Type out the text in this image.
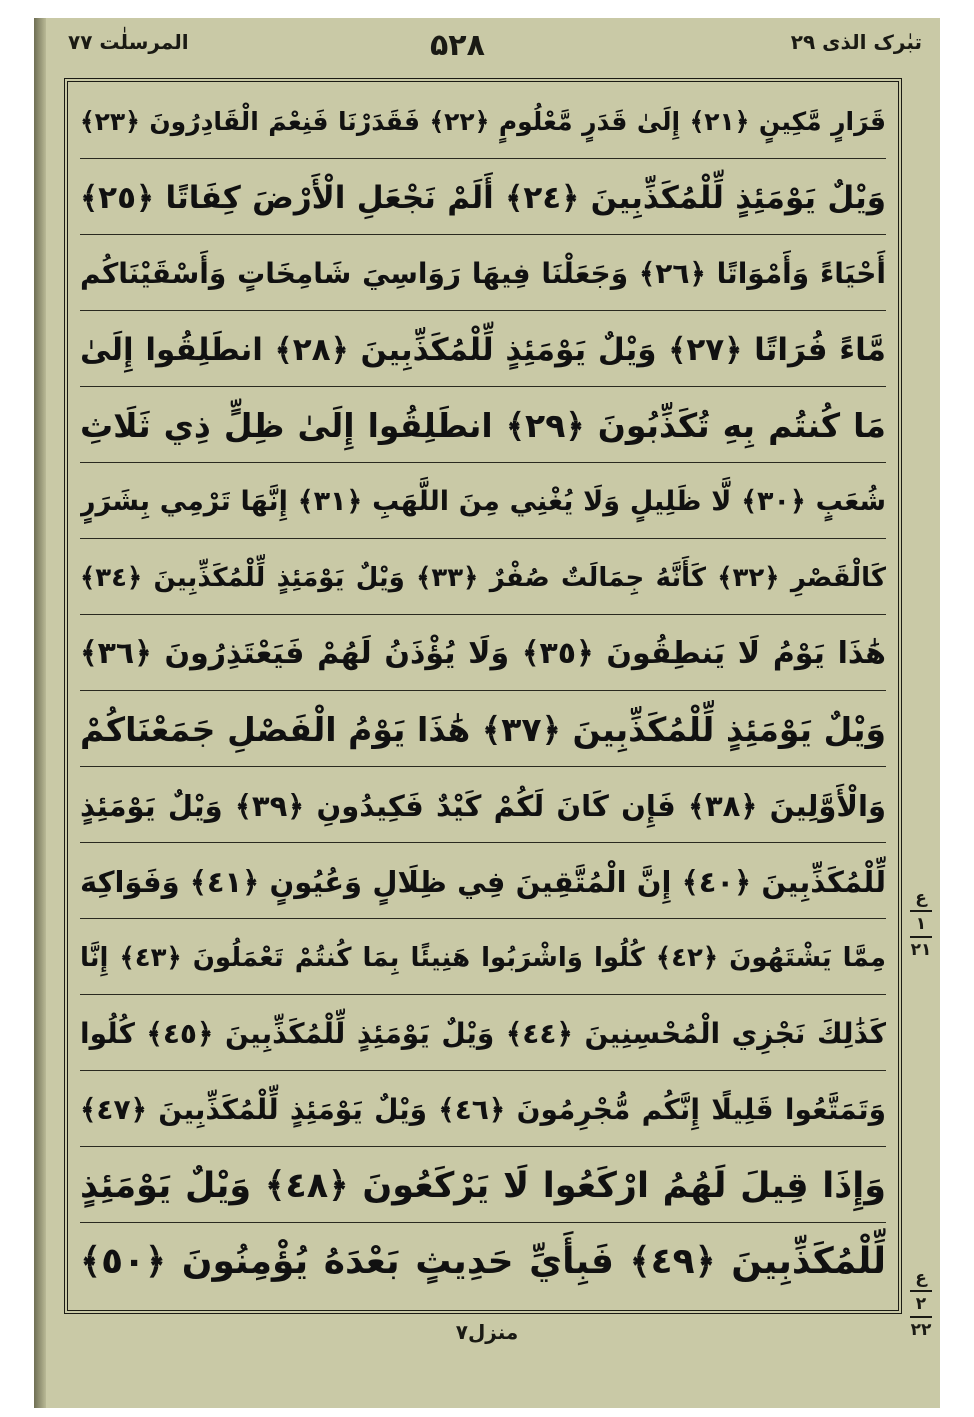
المرسلٰت ۷۷	۵۲۸	تبٰرک الذی ۲۹
قَرَارٍ مَّكِينٍ ﴿٢١﴾ إِلَىٰ قَدَرٍ مَّعْلُومٍ ﴿٢٢﴾ فَقَدَرْنَا فَنِعْمَ الْقَادِرُونَ ﴿٢٣﴾
وَيْلٌ يَوْمَئِذٍ لِّلْمُكَذِّبِينَ ﴿٢٤﴾ أَلَمْ نَجْعَلِ الْأَرْضَ كِفَاتًا ﴿٢٥﴾
أَحْيَاءً وَأَمْوَاتًا ﴿٢٦﴾ وَجَعَلْنَا فِيهَا رَوَاسِيَ شَامِخَاتٍ وَأَسْقَيْنَاكُم
مَّاءً فُرَاتًا ﴿٢٧﴾ وَيْلٌ يَوْمَئِذٍ لِّلْمُكَذِّبِينَ ﴿٢٨﴾ انطَلِقُوا إِلَىٰ
مَا كُنتُم بِهِ تُكَذِّبُونَ ﴿٢٩﴾ انطَلِقُوا إِلَىٰ ظِلٍّ ذِي ثَلَاثِ
شُعَبٍ ﴿٣٠﴾ لَّا ظَلِيلٍ وَلَا يُغْنِي مِنَ اللَّهَبِ ﴿٣١﴾ إِنَّهَا تَرْمِي بِشَرَرٍ
كَالْقَصْرِ ﴿٣٢﴾ كَأَنَّهُ جِمَالَتٌ صُفْرٌ ﴿٣٣﴾ وَيْلٌ يَوْمَئِذٍ لِّلْمُكَذِّبِينَ ﴿٣٤﴾
هَٰذَا يَوْمُ لَا يَنطِقُونَ ﴿٣٥﴾ وَلَا يُؤْذَنُ لَهُمْ فَيَعْتَذِرُونَ ﴿٣٦﴾
وَيْلٌ يَوْمَئِذٍ لِّلْمُكَذِّبِينَ ﴿٣٧﴾ هَٰذَا يَوْمُ الْفَصْلِ جَمَعْنَاكُمْ
وَالْأَوَّلِينَ ﴿٣٨﴾ فَإِن كَانَ لَكُمْ كَيْدٌ فَكِيدُونِ ﴿٣٩﴾ وَيْلٌ يَوْمَئِذٍ
لِّلْمُكَذِّبِينَ ﴿٤٠﴾ إِنَّ الْمُتَّقِينَ فِي ظِلَالٍ وَعُيُونٍ ﴿٤١﴾ وَفَوَاكِهَ
مِمَّا يَشْتَهُونَ ﴿٤٢﴾ كُلُوا وَاشْرَبُوا هَنِيئًا بِمَا كُنتُمْ تَعْمَلُونَ ﴿٤٣﴾ إِنَّا
كَذَٰلِكَ نَجْزِي الْمُحْسِنِينَ ﴿٤٤﴾ وَيْلٌ يَوْمَئِذٍ لِّلْمُكَذِّبِينَ ﴿٤٥﴾ كُلُوا
وَتَمَتَّعُوا قَلِيلًا إِنَّكُم مُّجْرِمُونَ ﴿٤٦﴾ وَيْلٌ يَوْمَئِذٍ لِّلْمُكَذِّبِينَ ﴿٤٧﴾
وَإِذَا قِيلَ لَهُمُ ارْكَعُوا لَا يَرْكَعُونَ ﴿٤٨﴾ وَيْلٌ يَوْمَئِذٍ
لِّلْمُكَذِّبِينَ ﴿٤٩﴾ فَبِأَيِّ حَدِيثٍ بَعْدَهُ يُؤْمِنُونَ ﴿٥٠﴾
ع
۱
۲۱
ع
۲
۲۲
منزل۷
